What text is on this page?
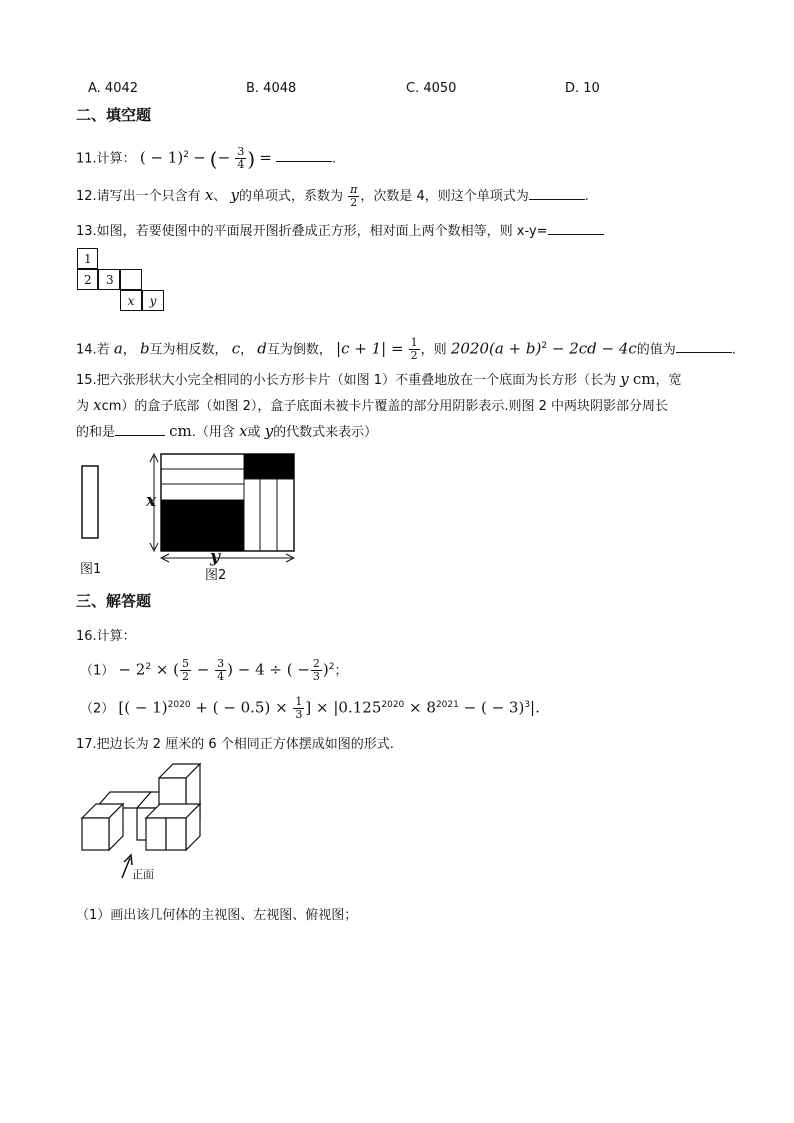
A. 4042	B. 4048	C. 4050	D. 10
二、填空题
11.计算： ( − 1)$^2$ − (− $\frac{3}{4}$ ) =	.
12.请写出一个只含有 x、 y的单项式，系数为 $\frac{\pi}{2}$ ，次数是 4，则这个单项式为	.
13.如图，若要使图中的平面展开图折叠成正方形，相对面上两个数相等，则 x-y=
1
2	3
x	y
14.若 a， b互为相反数， c， d互为倒数， $|c + 1| = \frac{1}{2}$ ，则 $2020(a + b)^2 - 2cd - 4c$的值为	.
15.把六张形状大小完全相同的小长方形卡片（如图 1）不重叠地放在一个底面为长方形（长为 y cm，宽
为 xcm）的盒子底部（如图 2），盒子底面未被卡片覆盖的部分用阴影表示.则图 2 中两块阴影部分周长
的和是	cm.（用含 x或 y的代数式来表示）
x
y
图1	图2
三、解答题
16.计算：
$(1) - 2^2$ × ( $\frac{5}{2} - \frac{3}{4}$ ) − 4 ÷ ( − $\frac{2}{3} )^2$；
（2） [( − 1)$^{2020}$ + ( − $0.5) \times \frac{1}{3}$ ] × $|0.125^{2020} \times 8^{2021}$ − ( − 3)$^3$|.
17.把边长为 2 厘米的 6 个相同正方体摆成如图的形式.
正面
（1）画出该几何体的主视图、左视图、俯视图；
